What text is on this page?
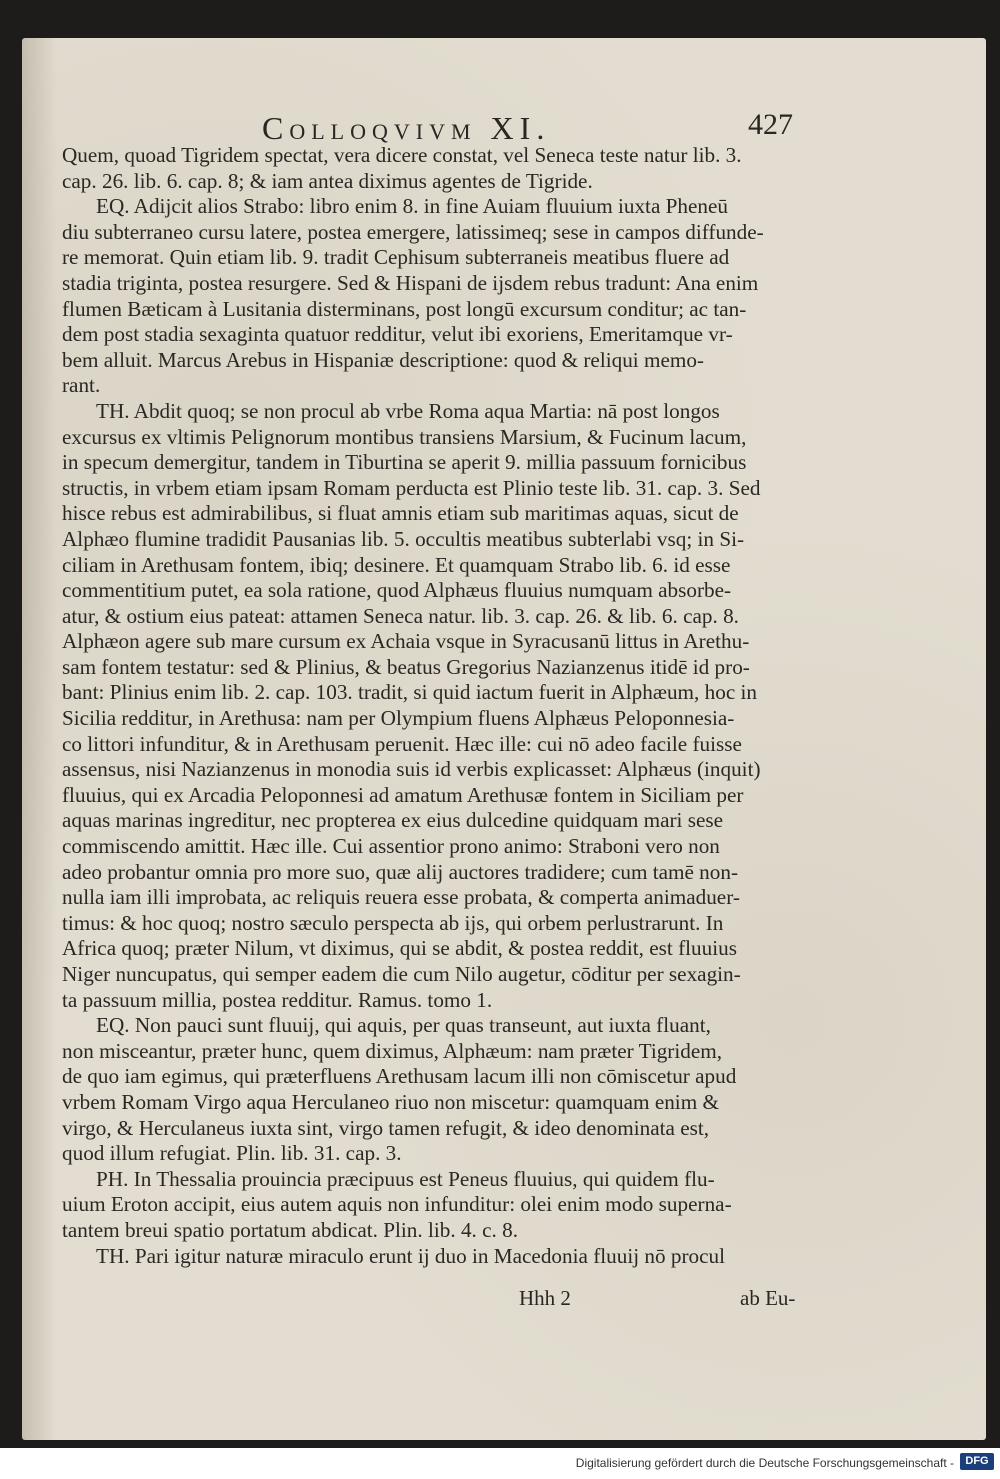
Colloqvivm XI.	427
Quem, quoad Tigridem spectat, vera dicere constat, vel Seneca teste natur lib. 3.
cap. 26. lib. 6. cap. 8; & iam antea diximus agentes de Tigride.
EQ. Adijcit alios Strabo: libro enim 8. in fine Auiam fluuium iuxta Pheneū
diu subterraneo cursu latere, postea emergere, latissimeq; sese in campos diffunde-
re memorat. Quin etiam lib. 9. tradit Cephisum subterraneis meatibus fluere ad
stadia triginta, postea resurgere. Sed & Hispani de ijsdem rebus tradunt: Ana enim
flumen Bæticam à Lusitania disterminans, post longū excursum conditur; ac tan-
dem post stadia sexaginta quatuor redditur, velut ibi exoriens, Emeritamque vr-
bem alluit. Marcus Arebus in Hispaniæ descriptione: quod & reliqui memo-
rant.
TH. Abdit quoq; se non procul ab vrbe Roma aqua Martia: nā post longos
excursus ex vltimis Pelignorum montibus transiens Marsium, & Fucinum lacum,
in specum demergitur, tandem in Tiburtina se aperit 9. millia passuum fornicibus
structis, in vrbem etiam ipsam Romam perducta est Plinio teste lib. 31. cap. 3. Sed
hisce rebus est admirabilibus, si fluat amnis etiam sub maritimas aquas, sicut de
Alphæo flumine tradidit Pausanias lib. 5. occultis meatibus subterlabi vsq; in Si-
ciliam in Arethusam fontem, ibiq; desinere. Et quamquam Strabo lib. 6. id esse
commentitium putet, ea sola ratione, quod Alphæus fluuius numquam absorbe-
atur, & ostium eius pateat: attamen Seneca natur. lib. 3. cap. 26. & lib. 6. cap. 8.
Alphæon agere sub mare cursum ex Achaia vsque in Syracusanū littus in Arethu-
sam fontem testatur: sed & Plinius, & beatus Gregorius Nazianzenus itidē id pro-
bant: Plinius enim lib. 2. cap. 103. tradit, si quid iactum fuerit in Alphæum, hoc in
Sicilia redditur, in Arethusa: nam per Olympium fluens Alphæus Peloponnesia-
co littori infunditur, & in Arethusam peruenit. Hæc ille: cui nō adeo facile fuisse
assensus, nisi Nazianzenus in monodia suis id verbis explicasset: Alphæus (inquit)
fluuius, qui ex Arcadia Peloponnesi ad amatum Arethusæ fontem in Siciliam per
aquas marinas ingreditur, nec propterea ex eius dulcedine quidquam mari sese
commiscendo amittit. Hæc ille. Cui assentior prono animo: Straboni vero non
adeo probantur omnia pro more suo, quæ alij auctores tradidere; cum tamē non-
nulla iam illi improbata, ac reliquis reuera esse probata, & comperta animaduer-
timus: & hoc quoq; nostro sæculo perspecta ab ijs, qui orbem perlustrarunt. In
Africa quoq; præter Nilum, vt diximus, qui se abdit, & postea reddit, est fluuius
Niger nuncupatus, qui semper eadem die cum Nilo augetur, cōditur per sexagin-
ta passuum millia, postea redditur. Ramus. tomo 1.
EQ. Non pauci sunt fluuij, qui aquis, per quas transeunt, aut iuxta fluant,
non misceantur, præter hunc, quem diximus, Alphæum: nam præter Tigridem,
de quo iam egimus, qui præterfluens Arethusam lacum illi non cōmiscetur apud
vrbem Romam Virgo aqua Herculaneo riuo non miscetur: quamquam enim &
virgo, & Herculaneus iuxta sint, virgo tamen refugit, & ideo denominata est,
quod illum refugiat. Plin. lib. 31. cap. 3.
PH. In Thessalia prouincia præcipuus est Peneus fluuius, qui quidem flu-
uium Eroton accipit, eius autem aquis non infunditur: olei enim modo superna-
tantem breui spatio portatum abdicat. Plin. lib. 4. c. 8.
TH. Pari igitur naturæ miraculo erunt ij duo in Macedonia fluuij nō procul
Hhh 2	ab Eu-
Digitalisierung gefördert durch die Deutsche Forschungsgemeinschaft -	DFG
